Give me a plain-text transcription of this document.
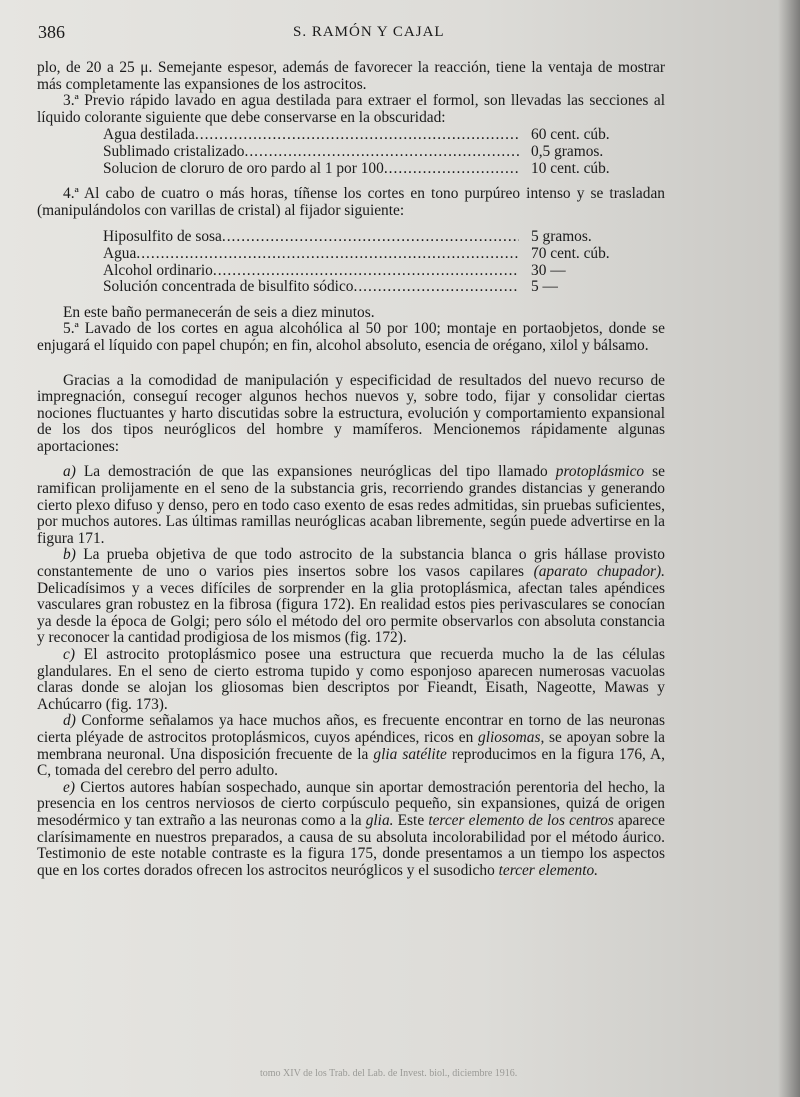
386	S. RAMÓN Y CAJAL

plo, de 20 a 25 μ. Semejante espesor, además de favorecer la reacción, tiene la ventaja de mostrar más completamente las expansiones de los astrocitos.

3.ª Previo rápido lavado en agua destilada para extraer el formol, son llevadas las secciones al líquido colorante siguiente que debe conservarse en la obscuridad:

Agua destilada .....	60 cent. cúb.
Sublimado cristalizado .....	0,5 gramos.
Solucion de cloruro de oro pardo al 1 por 100 .....	10 cent. cúb.

4.ª Al cabo de cuatro o más horas, tíñense los cortes en tono purpúreo intenso y se trasladan (manipulándolos con varillas de cristal) al fijador siguiente:

Hiposulfito de sosa .....	5 gramos.
Agua .....	70 cent. cúb.
Alcohol ordinario .....	30 —
Solución concentrada de bisulfito sódico .....	5 —

En este baño permanecerán de seis a diez minutos.

5.ª Lavado de los cortes en agua alcohólica al 50 por 100; montaje en portaobjetos, donde se enjugará el líquido con papel chupón; en fin, alcohol absoluto, esencia de orégano, xilol y bálsamo.

Gracias a la comodidad de manipulación y especificidad de resultados del nuevo recurso de impregnación, conseguí recoger algunos hechos nuevos y, sobre todo, fijar y consolidar ciertas nociones fluctuantes y harto discutidas sobre la estructura, evolución y comportamiento expansional de los dos tipos neuróglicos del hombre y mamíferos. Mencionemos rápidamente algunas aportaciones:

a) La demostración de que las expansiones neuróglicas del tipo llamado protoplásmico se ramifican prolijamente en el seno de la substancia gris, recorriendo grandes distancias y generando cierto plexo difuso y denso, pero en todo caso exento de esas redes admitidas, sin pruebas suficientes, por muchos autores. Las últimas ramillas neuróglicas acaban libremente, según puede advertirse en la figura 171.

b) La prueba objetiva de que todo astrocito de la substancia blanca o gris hállase provisto constantemente de uno o varios pies insertos sobre los vasos capilares (aparato chupador). Delicadísimos y a veces difíciles de sorprender en la glia protoplásmica, afectan tales apéndices vasculares gran robustez en la fibrosa (figura 172). En realidad estos pies perivasculares se conocían ya desde la época de Golgi; pero sólo el método del oro permite observarlos con absoluta constancia y reconocer la cantidad prodigiosa de los mismos (fig. 172).

c) El astrocito protoplásmico posee una estructura que recuerda mucho la de las células glandulares. En el seno de cierto estroma tupido y como esponjoso aparecen numerosas vacuolas claras donde se alojan los gliosomas bien descriptos por Fieandt, Eisath, Nageotte, Mawas y Achúcarro (fig. 173).

d) Conforme señalamos ya hace muchos años, es frecuente encontrar en torno de las neuronas cierta pléyade de astrocitos protoplásmicos, cuyos apéndices, ricos en gliosomas, se apoyan sobre la membrana neuronal. Una disposición frecuente de la glia satélite reproducimos en la figura 176, A, C, tomada del cerebro del perro adulto.

e) Ciertos autores habían sospechado, aunque sin aportar demostración perentoria del hecho, la presencia en los centros nerviosos de cierto corpúsculo pequeño, sin expansiones, quizá de origen mesodérmico y tan extraño a las neuronas como a la glia. Este tercer elemento de los centros aparece clarísimamente en nuestros preparados, a causa de su absoluta incolorabilidad por el método áurico. Testimonio de este notable contraste es la figura 175, donde presentamos a un tiempo los aspectos que en los cortes dorados ofrecen los astrocitos neuróglicos y el susodicho tercer elemento.

tomo XIV de los Trab. del Lab. de Invest. biol., diciembre 1916.
